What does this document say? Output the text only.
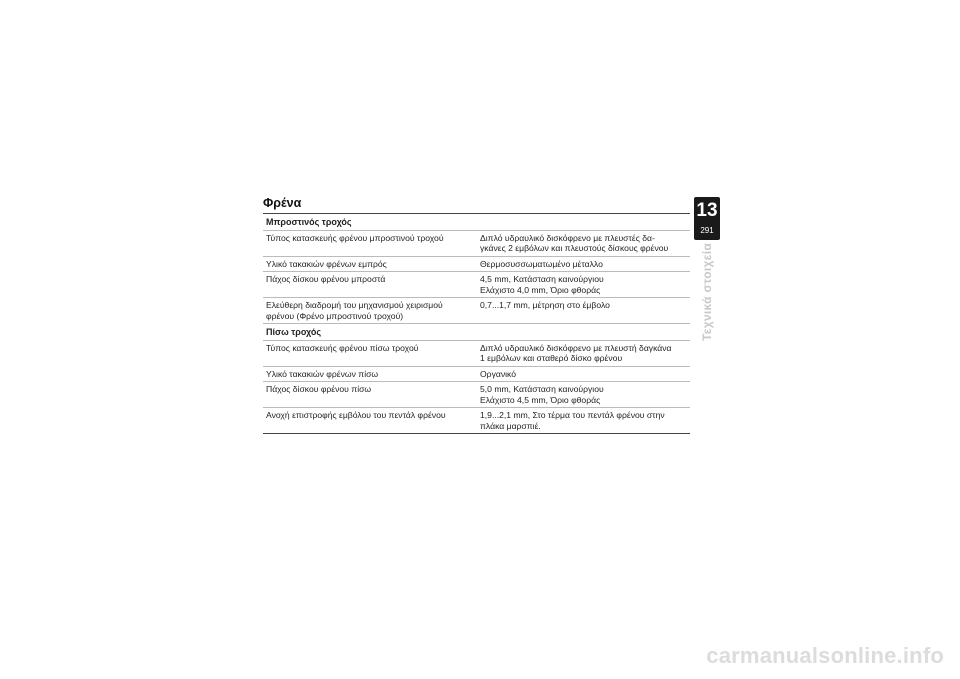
Φρένα
Μπροστινός τροχός	

Τύπος κατασκευής φρένου μπροστινού τροχού	Διπλό υδραυλικό δισκόφρενο με πλευστές δα-
γκάνες 2 εμβόλων και πλευστούς δίσκους φρένου

Υλικό τακακιών φρένων εμπρός	Θερμοσυσσωματωμένο μέταλλο

Πάχος δίσκου φρένου μπροστά	4,5 mm, Κατάσταση καινούργιου
Ελάχιστο 4,0 mm, Όριο φθοράς

Ελεύθερη διαδρομή του μηχανισμού χειρισμού
φρένου (Φρένο μπροστινού τροχού)	0,7...1,7 mm, μέτρηση στο έμβολο

Πίσω τροχός	

Τύπος κατασκευής φρένου πίσω τροχού	Διπλό υδραυλικό δισκόφρενο με πλευστή δαγκάνα
1 εμβόλων και σταθερό δίσκο φρένου

Υλικό τακακιών φρένων πίσω	Οργανικό

Πάχος δίσκου φρένου πίσω	5,0 mm, Κατάσταση καινούργιου
Ελάχιστο 4,5 mm, Όριο φθοράς

Ανοχή επιστροφής εμβόλου του πεντάλ φρένου	1,9...2,1 mm, Στο τέρμα του πεντάλ φρένου στην
πλάκα μαρσπιέ.
13
291
Τεχνικά στοιχεία
carmanualsonline.info
